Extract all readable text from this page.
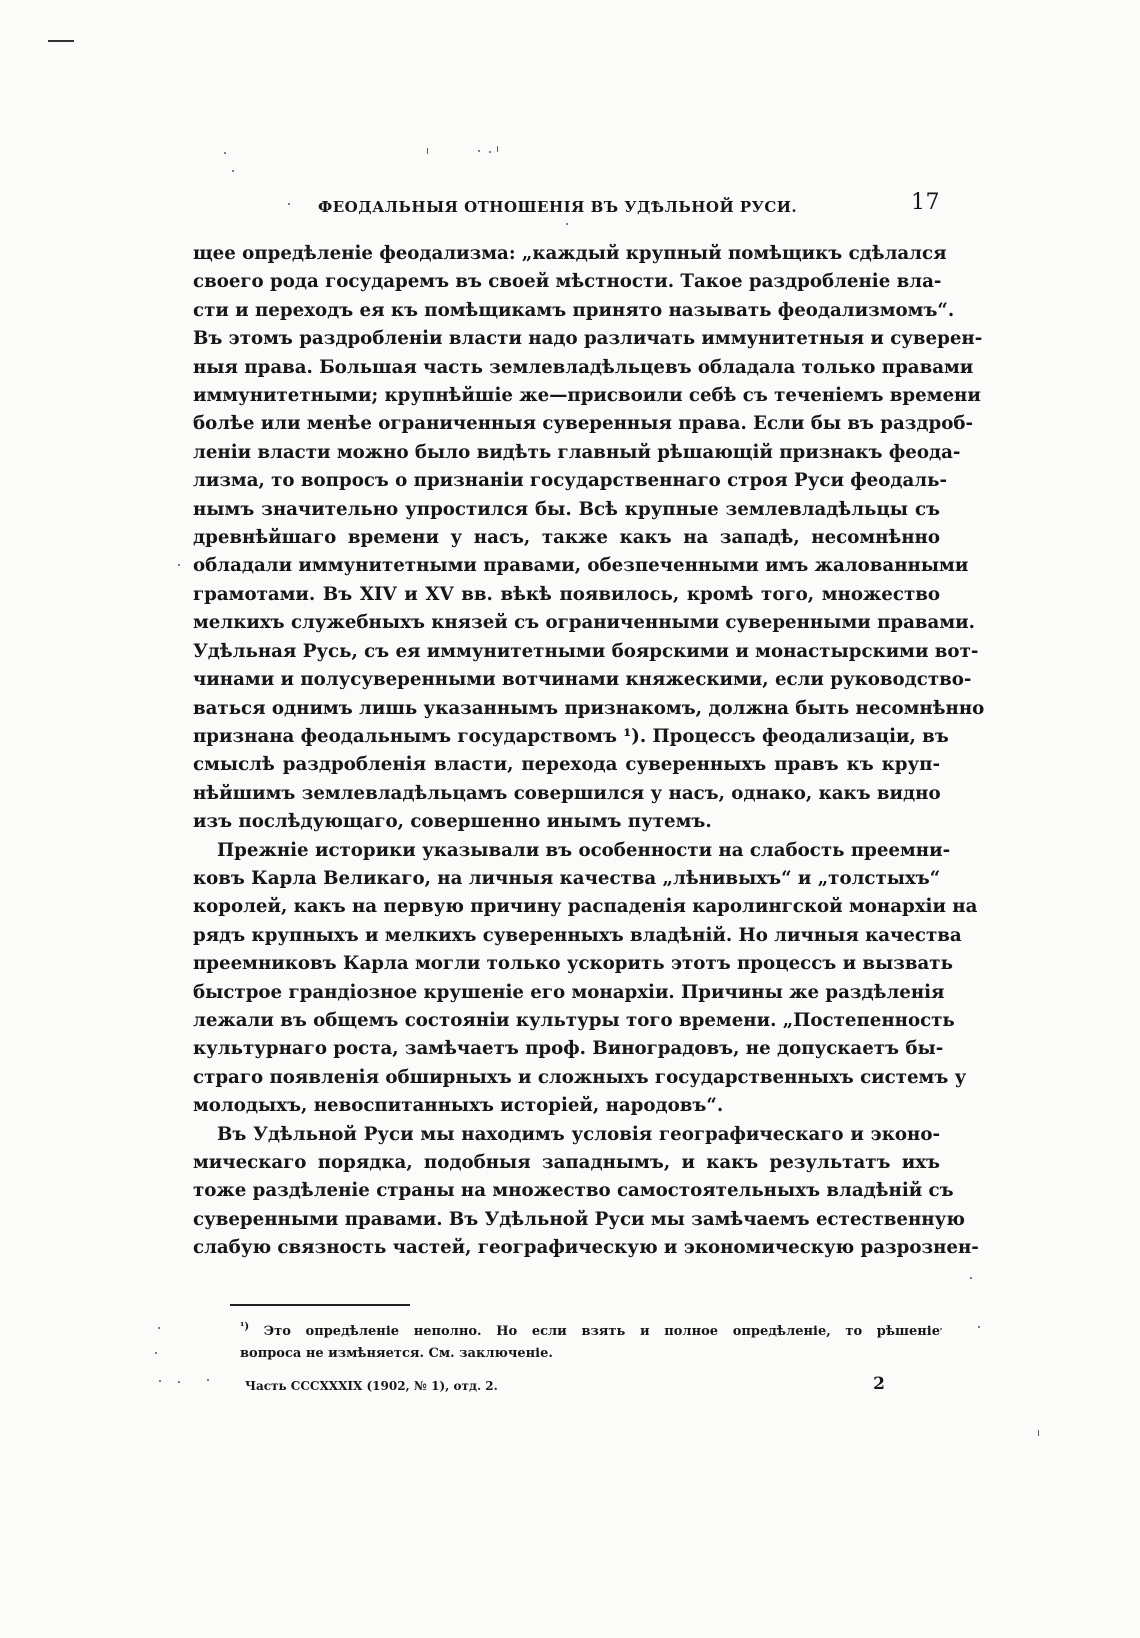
ФЕОДАЛЬНЫЯ ОТНОШЕНІЯ ВЪ УДѢЛЬНОЙ РУСИ.	17
щее опредѣленіе феодализма: „каждый крупный помѣщикъ сдѣлался
своего рода государемъ въ своей мѣстности. Такое раздробленіе вла-
сти и переходъ ея къ помѣщикамъ принято называть феодализмомъ“.
Въ этомъ раздробленіи власти надо различать иммунитетныя и суверен-
ныя права. Большая часть землевладѣльцевъ обладала только правами
иммунитетными; крупнѣйшіе же—присвоили себѣ съ теченіемъ времени
болѣе или менѣе ограниченныя суверенныя права. Если бы въ раздроб-
леніи власти можно было видѣть главный рѣшающій признакъ феода-
лизма, то вопросъ о признаніи государственнаго строя Руси феодаль-
нымъ значительно упростился бы. Всѣ крупные землевладѣльцы съ
древнѣйшаго времени у насъ, также какъ на западѣ, несомнѣнно
обладали иммунитетными правами, обезпеченными имъ жалованными
грамотами. Въ XIV и XV вв. вѣкѣ появилось, кромѣ того, множество
мелкихъ служебныхъ князей съ ограниченными суверенными правами.
Удѣльная Русь, съ ея иммунитетными боярскими и монастырскими вот-
чинами и полусуверенными вотчинами княжескими, если руководство-
ваться однимъ лишь указаннымъ признакомъ, должна быть несомнѣнно
признана феодальнымъ государствомъ ¹). Процессъ феодализаціи, въ
смыслѣ раздробленія власти, перехода суверенныхъ правъ къ круп-
нѣйшимъ землевладѣльцамъ совершился у насъ, однако, какъ видно
изъ послѣдующаго, совершенно инымъ путемъ.
Прежніе историки указывали въ особенности на слабость преемни-
ковъ Карла Великаго, на личныя качества „лѣнивыхъ“ и „толстыхъ“
королей, какъ на первую причину распаденія каролингской монархіи на
рядъ крупныхъ и мелкихъ суверенныхъ владѣній. Но личныя качества
преемниковъ Карла могли только ускорить этотъ процессъ и вызвать
быстрое грандіозное крушеніе его монархіи. Причины же раздѣленія
лежали въ общемъ состояніи культуры того времени. „Постепенность
культурнаго роста, замѣчаетъ проф. Виноградовъ, не допускаетъ бы-
страго появленія обширныхъ и сложныхъ государственныхъ системъ у
молодыхъ, невоспитанныхъ исторіей, народовъ“.
Въ Удѣльной Руси мы находимъ условія географическаго и эконо-
мическаго порядка, подобныя западнымъ, и какъ результатъ ихъ
тоже раздѣленіе страны на множество самостоятельныхъ владѣній съ
суверенными правами. Въ Удѣльной Руси мы замѣчаемъ естественную
слабую связность частей, географическую и экономическую разрознен-
$^{^1)}$ Это опредѣленіе неполно. Но если взять и полное опредѣленіе, то рѣшеніе
вопроса не измѣняется. См. заключеніе.
Часть СCCXXXIX (1902, № 1), отд. 2.	2
